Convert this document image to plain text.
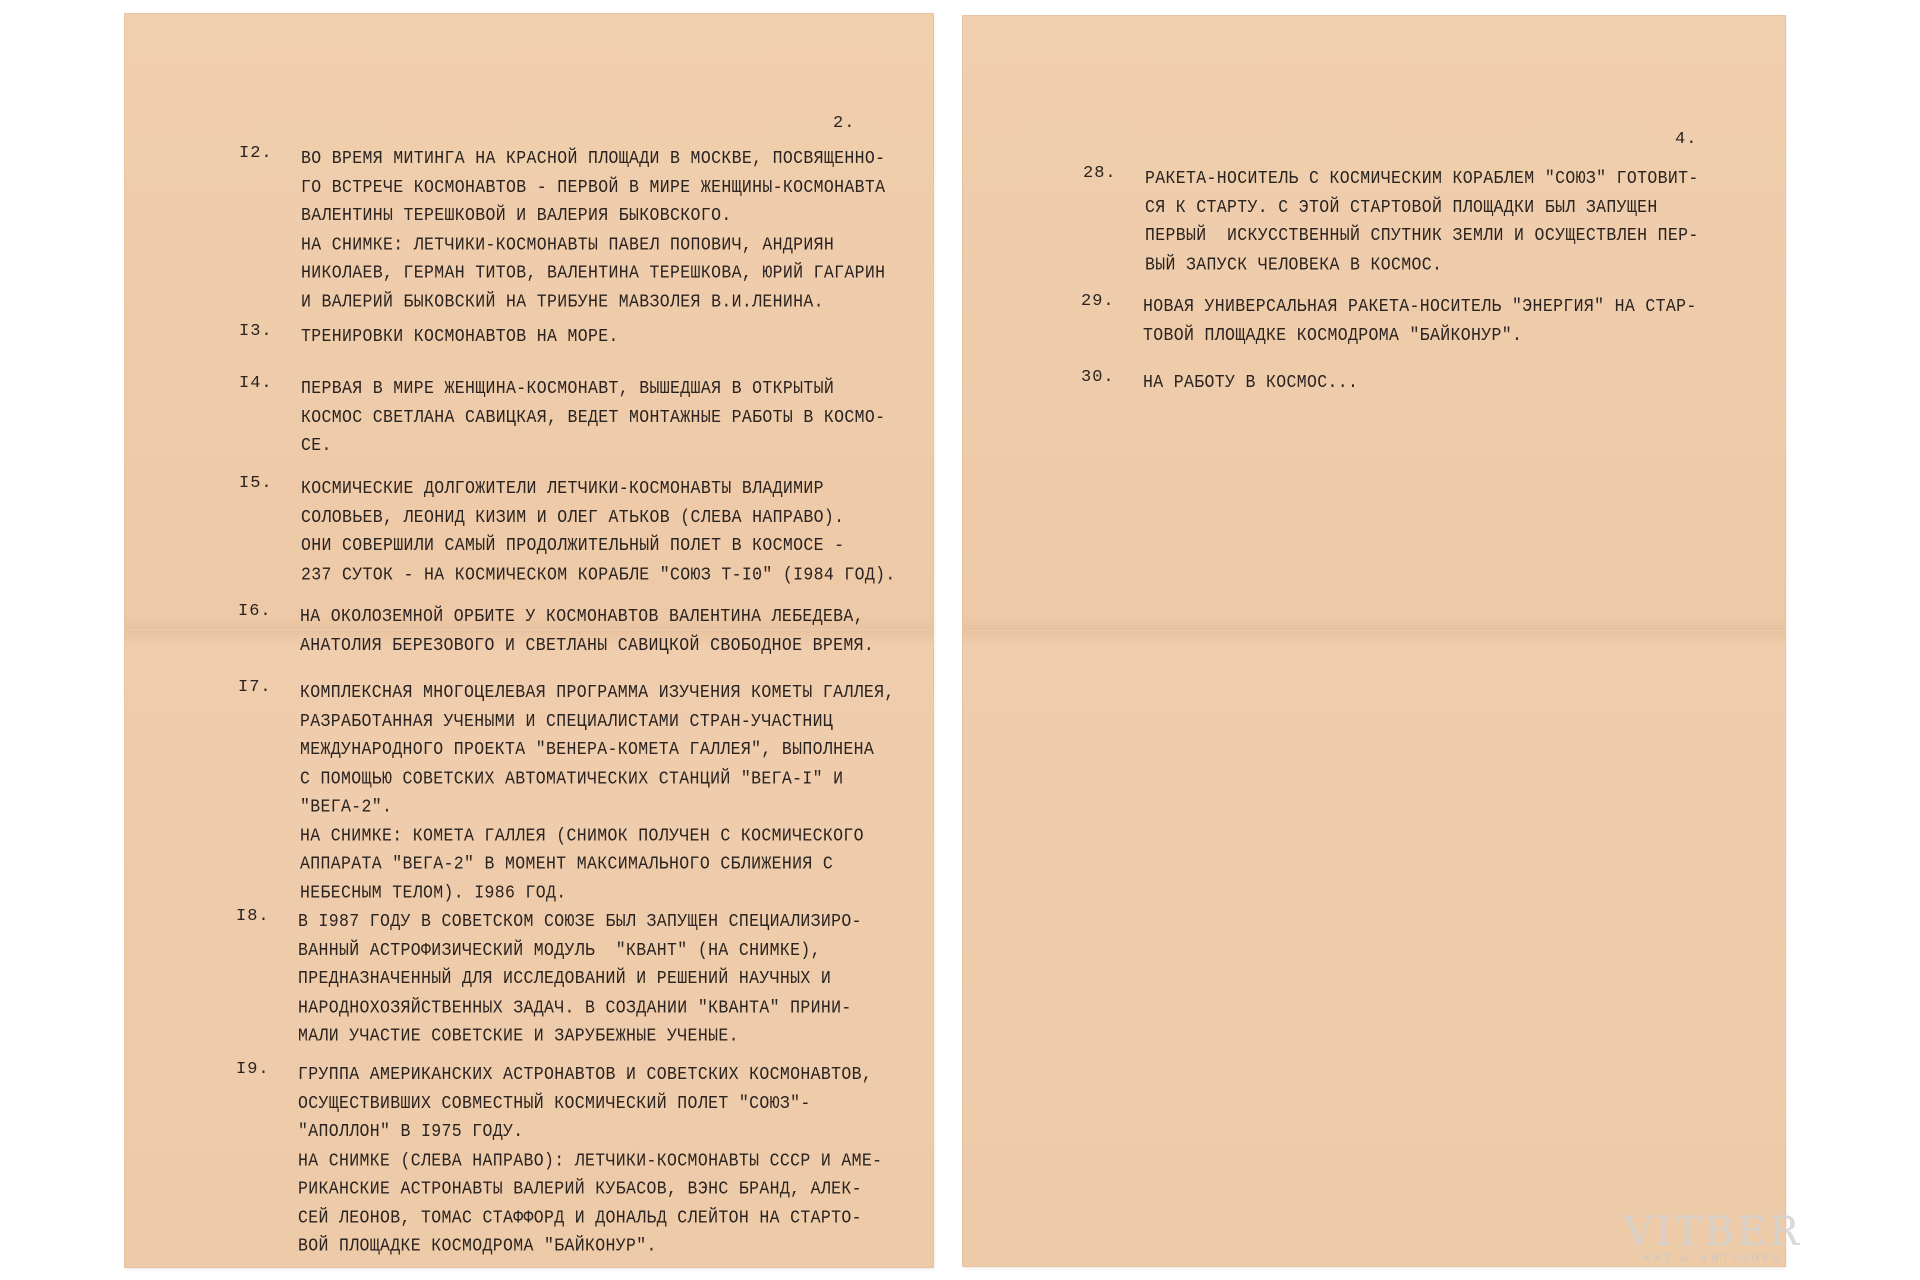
2.
I2. ВО ВРЕМЯ МИТИНГА НА КРАСНОЙ ПЛОЩАДИ В МОСКВЕ, ПОСВЯЩЕННО-
ГО ВСТРЕЧЕ КОСМОНАВТОВ - ПЕРВОЙ В МИРЕ ЖЕНЩИНЫ-КОСМОНАВТА
ВАЛЕНТИНЫ ТЕРЕШКОВОЙ И ВАЛЕРИЯ БЫКОВСКОГО.
НА СНИМКЕ: ЛЕТЧИКИ-КОСМОНАВТЫ ПАВЕЛ ПОПОВИЧ, АНДРИЯН
НИКОЛАЕВ, ГЕРМАН ТИТОВ, ВАЛЕНТИНА ТЕРЕШКОВА, ЮРИЙ ГАГАРИН
И ВАЛЕРИЙ БЫКОВСКИЙ НА ТРИБУНЕ МАВЗОЛЕЯ В.И.ЛЕНИНА.
I3. ТРЕНИРОВКИ КОСМОНАВТОВ НА МОРЕ.
I4. ПЕРВАЯ В МИРЕ ЖЕНЩИНА-КОСМОНАВТ, ВЫШЕДШАЯ В ОТКРЫТЫЙ
КОСМОС СВЕТЛАНА САВИЦКАЯ, ВЕДЕТ МОНТАЖНЫЕ РАБОТЫ В КОСМО-
СЕ.
I5. КОСМИЧЕСКИЕ ДОЛГОЖИТЕЛИ ЛЕТЧИКИ-КОСМОНАВТЫ ВЛАДИМИР
СОЛОВЬЕВ, ЛЕОНИД КИЗИМ И ОЛЕГ АТЬКОВ (СЛЕВА НАПРАВО).
ОНИ СОВЕРШИЛИ САМЫЙ ПРОДОЛЖИТЕЛЬНЫЙ ПОЛЕТ В КОСМОСЕ -
237 СУТОК - НА КОСМИЧЕСКОМ КОРАБЛЕ "СОЮЗ Т-I0" (I984 ГОД).
I6. НА ОКОЛОЗЕМНОЙ ОРБИТЕ У КОСМОНАВТОВ ВАЛЕНТИНА ЛЕБЕДЕВА,
АНАТОЛИЯ БЕРЕЗОВОГО И СВЕТЛАНЫ САВИЦКОЙ СВОБОДНОЕ ВРЕМЯ.
I7. КОМПЛЕКСНАЯ МНОГОЦЕЛЕВАЯ ПРОГРАММА ИЗУЧЕНИЯ КОМЕТЫ ГАЛЛЕЯ,
РАЗРАБОТАННАЯ УЧЕНЫМИ И СПЕЦИАЛИСТАМИ СТРАН-УЧАСТНИЦ
МЕЖДУНАРОДНОГО ПРОЕКТА "ВЕНЕРА-КОМЕТА ГАЛЛЕЯ", ВЫПОЛНЕНА
С ПОМОЩЬЮ СОВЕТСКИХ АВТОМАТИЧЕСКИХ СТАНЦИЙ "ВЕГА-I" И
"ВЕГА-2".
НА СНИМКЕ: КОМЕТА ГАЛЛЕЯ (СНИМОК ПОЛУЧЕН С КОСМИЧЕСКОГО
АППАРАТА "ВЕГА-2" В МОМЕНТ МАКСИМАЛЬНОГО СБЛИЖЕНИЯ С
НЕБЕСНЫМ ТЕЛОМ). I986 ГОД.
I8. В I987 ГОДУ В СОВЕТСКОМ СОЮЗЕ БЫЛ ЗАПУЩЕН СПЕЦИАЛИЗИРО-
ВАННЫЙ АСТРОФИЗИЧЕСКИЙ МОДУЛЬ  "КВАНТ" (НА СНИМКЕ),
ПРЕДНАЗНАЧЕННЫЙ ДЛЯ ИССЛЕДОВАНИЙ И РЕШЕНИЙ НАУЧНЫХ И
НАРОДНОХОЗЯЙСТВЕННЫХ ЗАДАЧ. В СОЗДАНИИ "КВАНТА" ПРИНИ-
МАЛИ УЧАСТИЕ СОВЕТСКИЕ И ЗАРУБЕЖНЫЕ УЧЕНЫЕ.
I9. ГРУППА АМЕРИКАНСКИХ АСТРОНАВТОВ И СОВЕТСКИХ КОСМОНАВТОВ,
ОСУЩЕСТВИВШИХ СОВМЕСТНЫЙ КОСМИЧЕСКИЙ ПОЛЕТ "СОЮЗ"-
"АПОЛЛОН" В I975 ГОДУ.
НА СНИМКЕ (СЛЕВА НАПРАВО): ЛЕТЧИКИ-КОСМОНАВТЫ СССР И АМЕ-
РИКАНСКИЕ АСТРОНАВТЫ ВАЛЕРИЙ КУБАСОВ, ВЭНС БРАНД, АЛЕК-
СЕЙ ЛЕОНОВ, ТОМАС СТАФФОРД И ДОНАЛЬД СЛЕЙТОН НА СТАРТО-
ВОЙ ПЛОЩАДКЕ КОСМОДРОМА "БАЙКОНУР".
4.
28. РАКЕТА-НОСИТЕЛЬ С КОСМИЧЕСКИМ КОРАБЛЕМ "СОЮЗ" ГОТОВИТ-
СЯ К СТАРТУ. С ЭТОЙ СТАРТОВОЙ ПЛОЩАДКИ БЫЛ ЗАПУЩЕН
ПЕРВЫЙ  ИСКУССТВЕННЫЙ СПУТНИК ЗЕМЛИ И ОСУЩЕСТВЛЕН ПЕР-
ВЫЙ ЗАПУСК ЧЕЛОВЕКА В КОСМОС.
29. НОВАЯ УНИВЕРСАЛЬНАЯ РАКЕТА-НОСИТЕЛЬ "ЭНЕРГИЯ" НА СТАР-
ТОВОЙ ПЛОЩАДКЕ КОСМОДРОМА "БАЙКОНУР".
30. НА РАБОТУ В КОСМОС...
VITBER
ART & ANTIQUES
